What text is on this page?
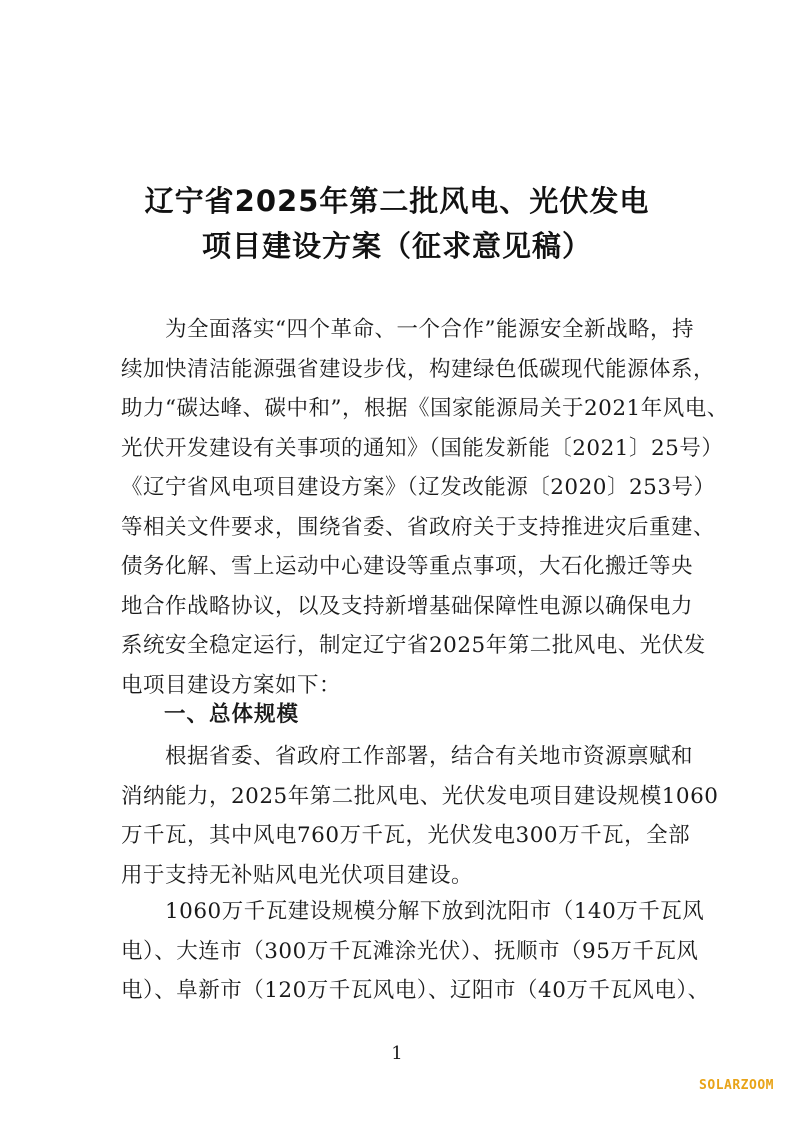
辽宁省2025年第二批风电、光伏发电
项目建设方案（征求意见稿）
为全面落实“四个革命、一个合作”能源安全新战略，持
续加快清洁能源强省建设步伐，构建绿色低碳现代能源体系，
助力“碳达峰、碳中和”，根据《国家能源局关于2021年风电、
光伏开发建设有关事项的通知》（国能发新能〔2021〕25号）
《辽宁省风电项目建设方案》（辽发改能源〔2020〕253号）
等相关文件要求，围绕省委、省政府关于支持推进灾后重建、
债务化解、雪上运动中心建设等重点事项，大石化搬迁等央
地合作战略协议，以及支持新增基础保障性电源以确保电力
系统安全稳定运行，制定辽宁省2025年第二批风电、光伏发
电项目建设方案如下：
一、总体规模
根据省委、省政府工作部署，结合有关地市资源禀赋和
消纳能力，2025年第二批风电、光伏发电项目建设规模1060
万千瓦，其中风电760万千瓦，光伏发电300万千瓦，全部
用于支持无补贴风电光伏项目建设。
1060万千瓦建设规模分解下放到沈阳市（140万千瓦风
电）、大连市（300万千瓦滩涂光伏）、抚顺市（95万千瓦风
电）、阜新市（120万千瓦风电）、辽阳市（40万千瓦风电）、
1
SOLARZOOM
